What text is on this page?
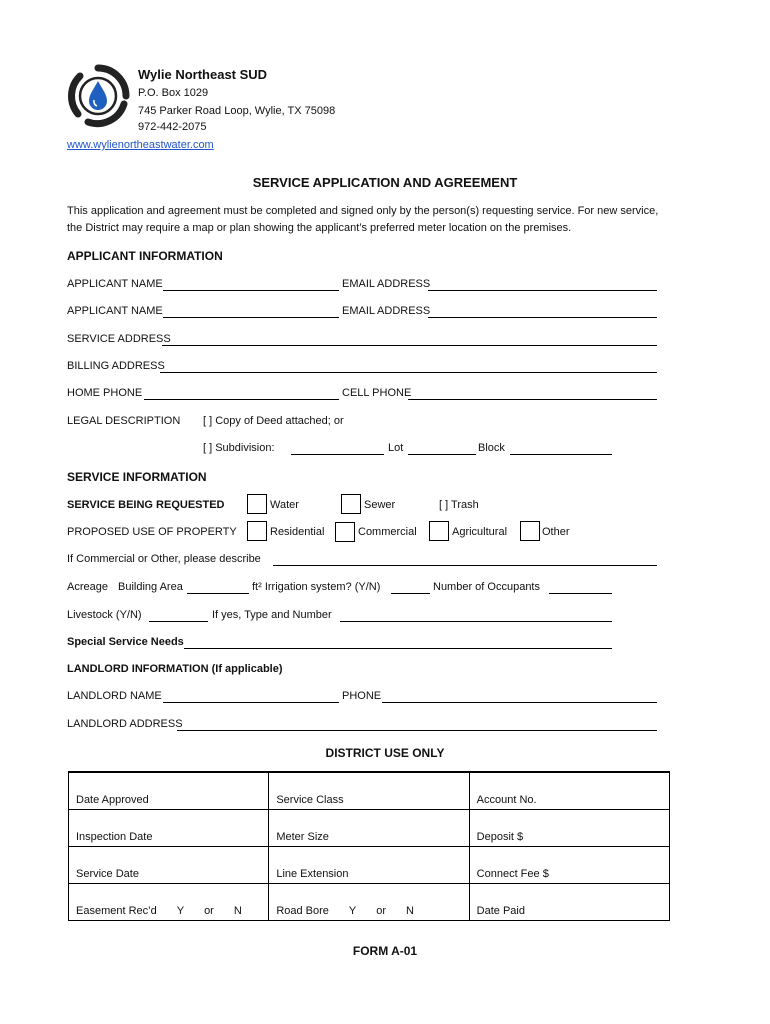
Wylie Northeast SUD
P.O. Box 1029
745 Parker Road Loop, Wylie, TX 75098
972-442-2075
www.wylienortheastwater.com
SERVICE APPLICATION AND AGREEMENT
This application and agreement must be completed and signed only by the person(s) requesting service. For new service,
the District may require a map or plan showing the applicant’s preferred meter location on the premises.
APPLICANT INFORMATION
APPLICANT NAME	EMAIL ADDRESS
APPLICANT NAME	EMAIL ADDRESS
SERVICE ADDRESS
BILLING ADDRESS
HOME PHONE	CELL PHONE
LEGAL DESCRIPTION [ ] Copy of Deed attached; or
[ ] Subdivision:	Lot	Block
SERVICE INFORMATION
SERVICE BEING REQUESTED	Water	Sewer	[ ] Trash
PROPOSED USE OF PROPERTY	Residential	Commercial	Agricultural	Other
If Commercial or Other, please describe
Acreage Building Area	ft² Irrigation system? (Y/N)	Number of Occupants
Livestock (Y/N)	If yes, Type and Number
Special Service Needs
LANDLORD INFORMATION (If applicable)
LANDLORD NAME	PHONE
LANDLORD ADDRESS
DISTRICT USE ONLY
Date Approved	Service Class	Account No.
Inspection Date	Meter Size	Deposit $
Service Date	Line Extension	Connect Fee $
Easement Rec’d Y or N	Road Bore Y or N	Date Paid
FORM A-01
